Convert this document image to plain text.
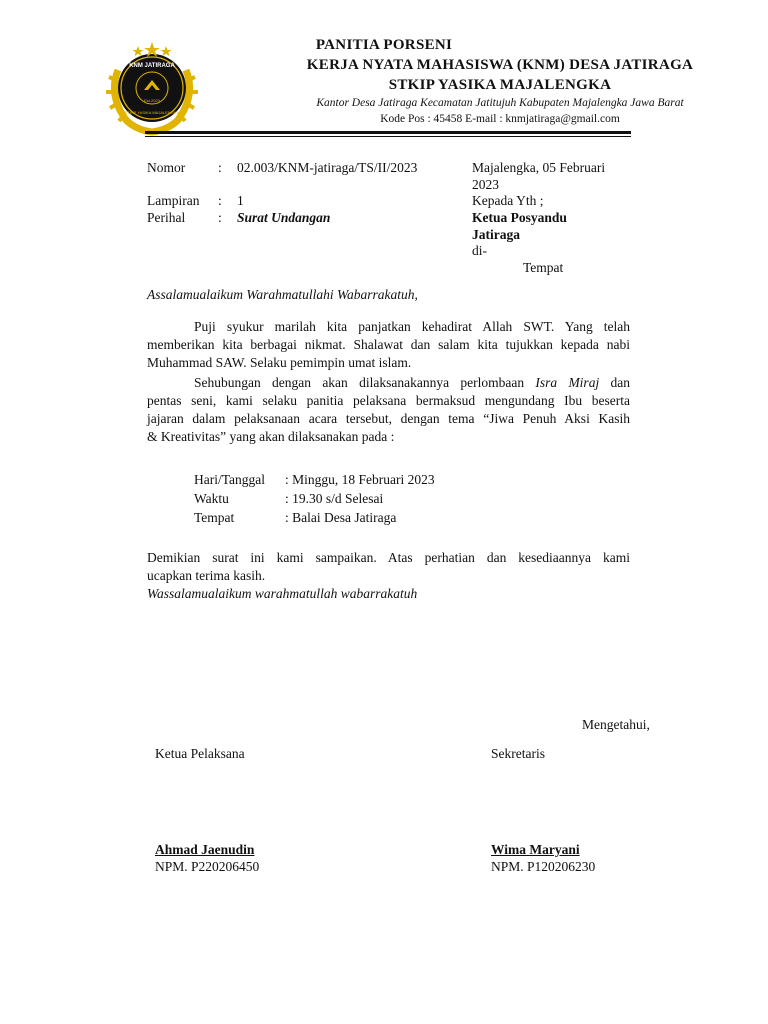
KNM JATIRAGA
Est.2023
STKIP YASIKA MAJALENGKA
PANITIA PORSENI
KERJA NYATA MAHASISWA (KNM) DESA JATIRAGA
STKIP YASIKA MAJALENGKA
Kantor Desa Jatiraga Kecamatan Jatitujuh Kabupaten Majalengka Jawa Barat
Kode Pos : 45458 E-mail : knmjatiraga@gmail.com
Nomor : 02.003/KNM-jatiraga/TS/II/2023
Lampiran : 1
Perihal : Surat Undangan
Majalengka, 05 Februari
2023
Kepada Yth ;
Ketua Posyandu
Jatiraga
di-
Tempat
Assalamualaikum Warahmatullahi Wabarrakatuh,
Puji syukur marilah kita panjatkan kehadirat Allah SWT. Yang telah
memberikan kita berbagai nikmat. Shalawat dan salam kita tujukkan kepada nabi
Muhammad SAW. Selaku pemimpin umat islam.
Sehubungan dengan akan dilaksanakannya perlombaan Isra Miraj dan
pentas seni, kami selaku panitia pelaksana bermaksud mengundang Ibu beserta
jajaran dalam pelaksanaan acara tersebut, dengan tema “Jiwa Penuh Aksi Kasih
& Kreativitas” yang akan dilaksanakan pada :
Hari/Tanggal : Minggu, 18 Februari 2023
Waktu	: 19.30 s/d Selesai
Tempat	: Balai Desa Jatiraga
Demikian surat ini kami sampaikan. Atas perhatian dan kesediaannya kami
ucapkan terima kasih.
Wassalamualaikum warahmatullah wabarrakatuh
Mengetahui,
Ketua Pelaksana	Sekretaris
Ahmad Jaenudin	Wima Maryani
NPM. P220206450	NPM. P120206230
